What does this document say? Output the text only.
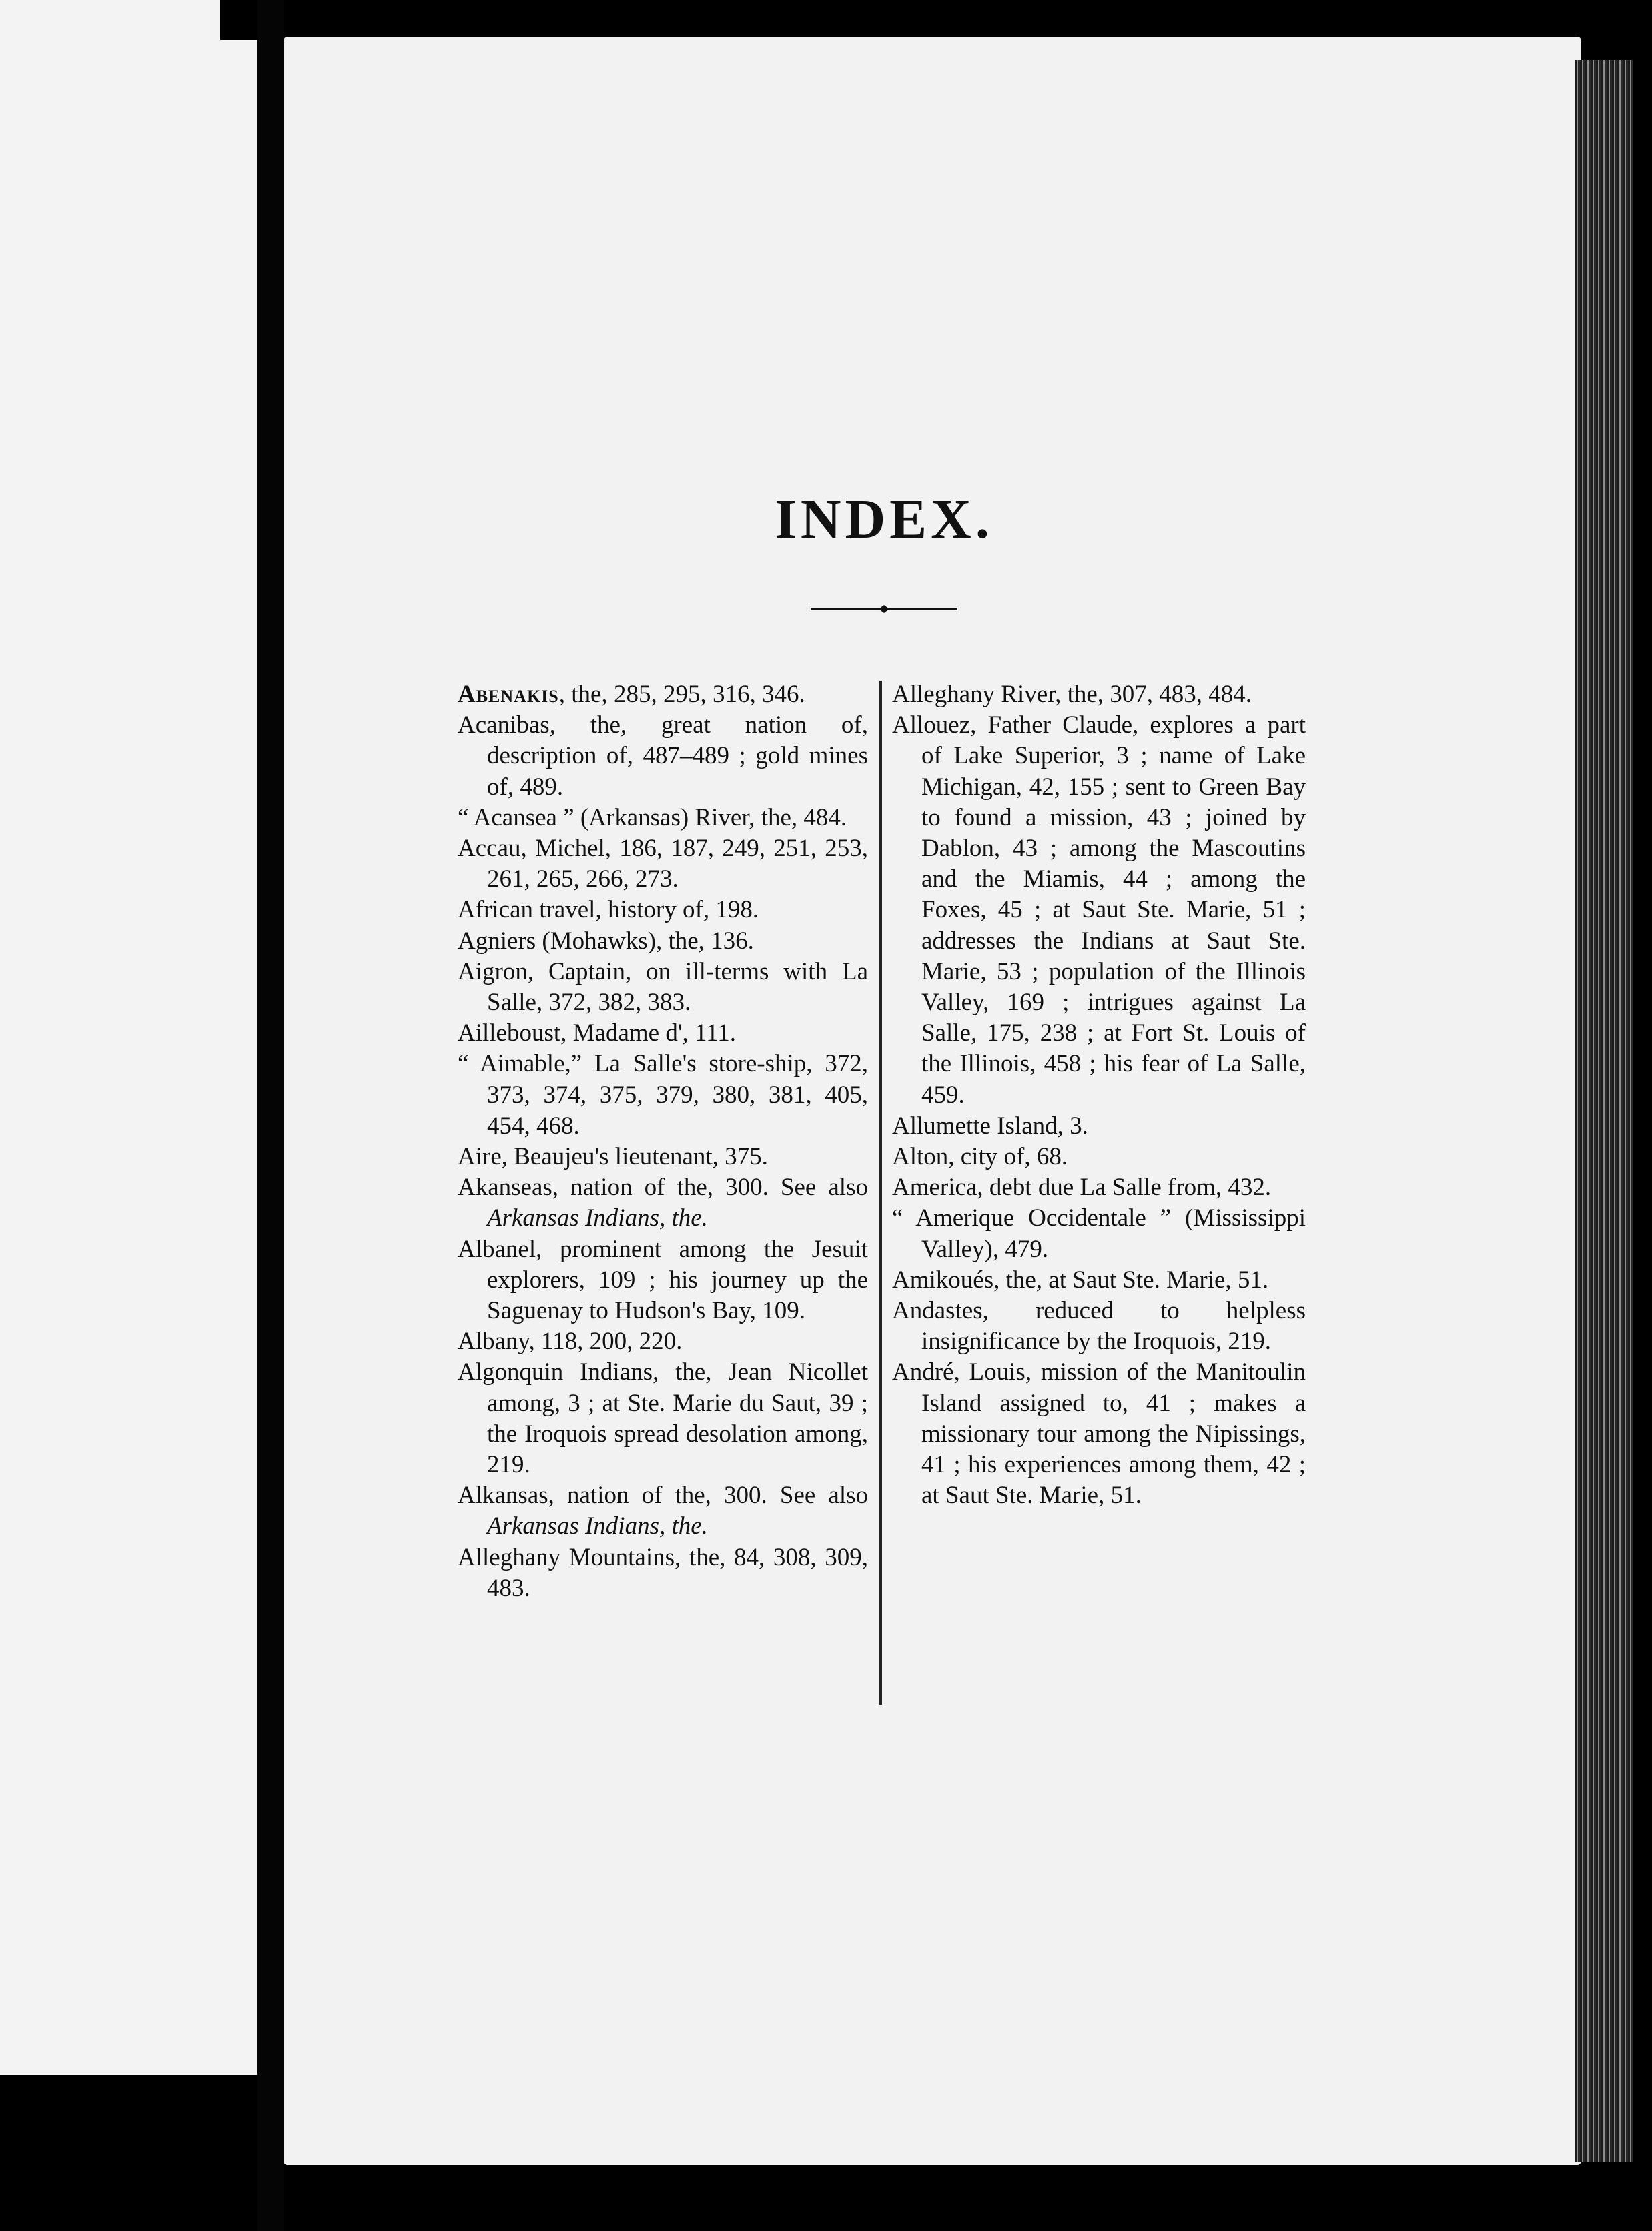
INDEX.

Abenakis, the, 285, 295, 316, 346.

Acanibas, the, great nation of, description of, 487–489 ; gold mines of, 489.

“ Acansea ” (Arkansas) River, the, 484.

Accau, Michel, 186, 187, 249, 251, 253, 261, 265, 266, 273.

African travel, history of, 198.

Agniers (Mohawks), the, 136.

Aigron, Captain, on ill-terms with La Salle, 372, 382, 383.

Ailleboust, Madame d', 111.

“ Aimable,” La Salle's store-ship, 372, 373, 374, 375, 379, 380, 381, 405, 454, 468.

Aire, Beaujeu's lieutenant, 375.

Akanseas, nation of the, 300. See also Arkansas Indians, the.

Albanel, prominent among the Jesuit explorers, 109 ; his journey up the Saguenay to Hudson's Bay, 109.

Albany, 118, 200, 220.

Algonquin Indians, the, Jean Nicollet among, 3 ; at Ste. Marie du Saut, 39 ; the Iroquois spread desolation among, 219.

Alkansas, nation of the, 300. See also Arkansas Indians, the.

Alleghany Mountains, the, 84, 308, 309, 483.

Alleghany River, the, 307, 483, 484.

Allouez, Father Claude, explores a part of Lake Superior, 3 ; name of Lake Michigan, 42, 155 ; sent to Green Bay to found a mission, 43 ; joined by Dablon, 43 ; among the Mascoutins and the Miamis, 44 ; among the Foxes, 45 ; at Saut Ste. Marie, 51 ; addresses the Indians at Saut Ste. Marie, 53 ; population of the Illinois Valley, 169 ; intrigues against La Salle, 175, 238 ; at Fort St. Louis of the Illinois, 458 ; his fear of La Salle, 459.

Allumette Island, 3.

Alton, city of, 68.

America, debt due La Salle from, 432.

“ Amerique Occidentale ” (Mississippi Valley), 479.

Amikoués, the, at Saut Ste. Marie, 51.

Andastes, reduced to helpless insignificance by the Iroquois, 219.

André, Louis, mission of the Manitoulin Island assigned to, 41 ; makes a missionary tour among the Nipissings, 41 ; his experiences among them, 42 ; at Saut Ste. Marie, 51.
